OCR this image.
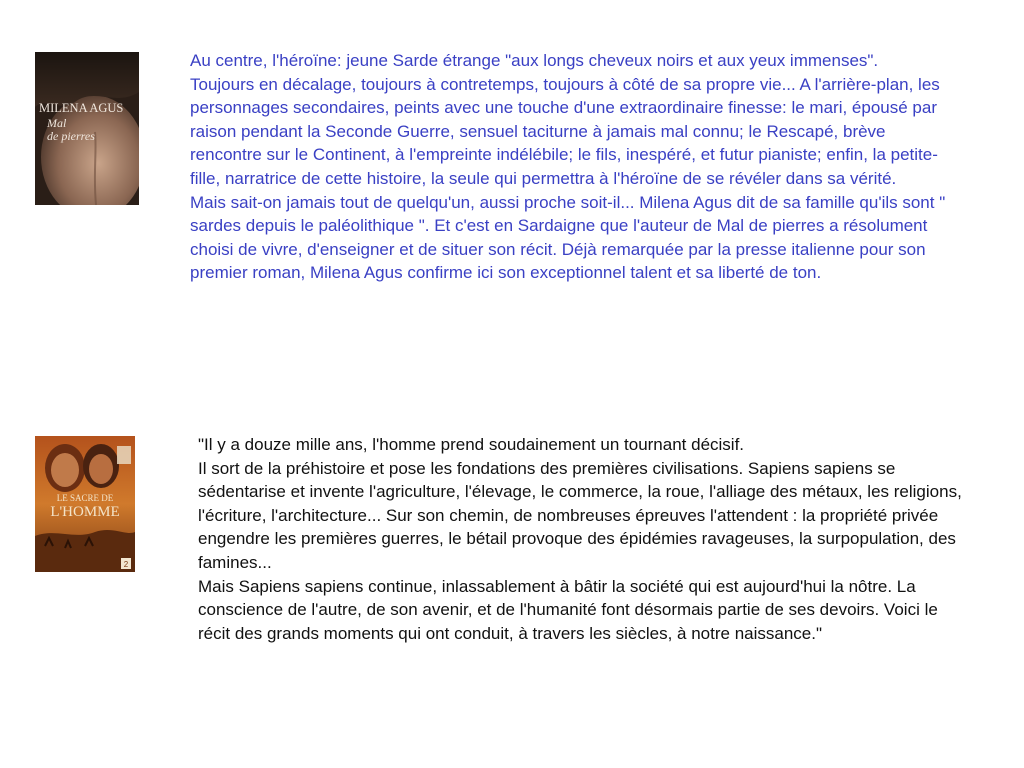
MILENA AGUS
Mal
de pierres

Au centre, l'héroïne: jeune Sarde étrange "aux longs cheveux noirs et aux yeux immenses".

Toujours en décalage, toujours à contretemps, toujours à côté de sa propre vie... A l'arrière-plan, les personnages secondaires, peints avec une touche d'une extraordinaire finesse: le mari, épousé par raison pendant la Seconde Guerre, sensuel taciturne à jamais mal connu; le Rescapé, brève rencontre sur le Continent, à l'empreinte indélébile; le fils, inespéré, et futur pianiste; enfin, la petite-fille, narratrice de cette histoire, la seule qui permettra à l'héroïne de se révéler dans sa vérité.

Mais sait-on jamais tout de quelqu'un, aussi proche soit-il... Milena Agus dit de sa famille qu'ils sont " sardes depuis le paléolithique ". Et c'est en Sardaigne que l'auteur de Mal de pierres a résolument choisi de vivre, d'enseigner et de situer son récit. Déjà remarquée par la presse italienne pour son premier roman, Milena Agus confirme ici son exceptionnel talent et sa liberté de ton.

LE SACRE DE
L'HOMME
2

"Il y a douze mille ans, l'homme prend soudainement un tournant décisif.

Il sort de la préhistoire et pose les fondations des premières civilisations. Sapiens sapiens se sédentarise et invente l'agriculture, l'élevage, le commerce, la roue, l'alliage des métaux, les religions, l'écriture, l'architecture... Sur son chemin, de nombreuses épreuves l'attendent : la propriété privée engendre les premières guerres, le bétail provoque des épidémies ravageuses, la surpopulation, des famines...

Mais Sapiens sapiens continue, inlassablement à bâtir la société qui est aujourd'hui la nôtre. La conscience de l'autre, de son avenir, et de l'humanité font désormais partie de ses devoirs. Voici le récit des grands moments qui ont conduit, à travers les siècles, à notre naissance."
